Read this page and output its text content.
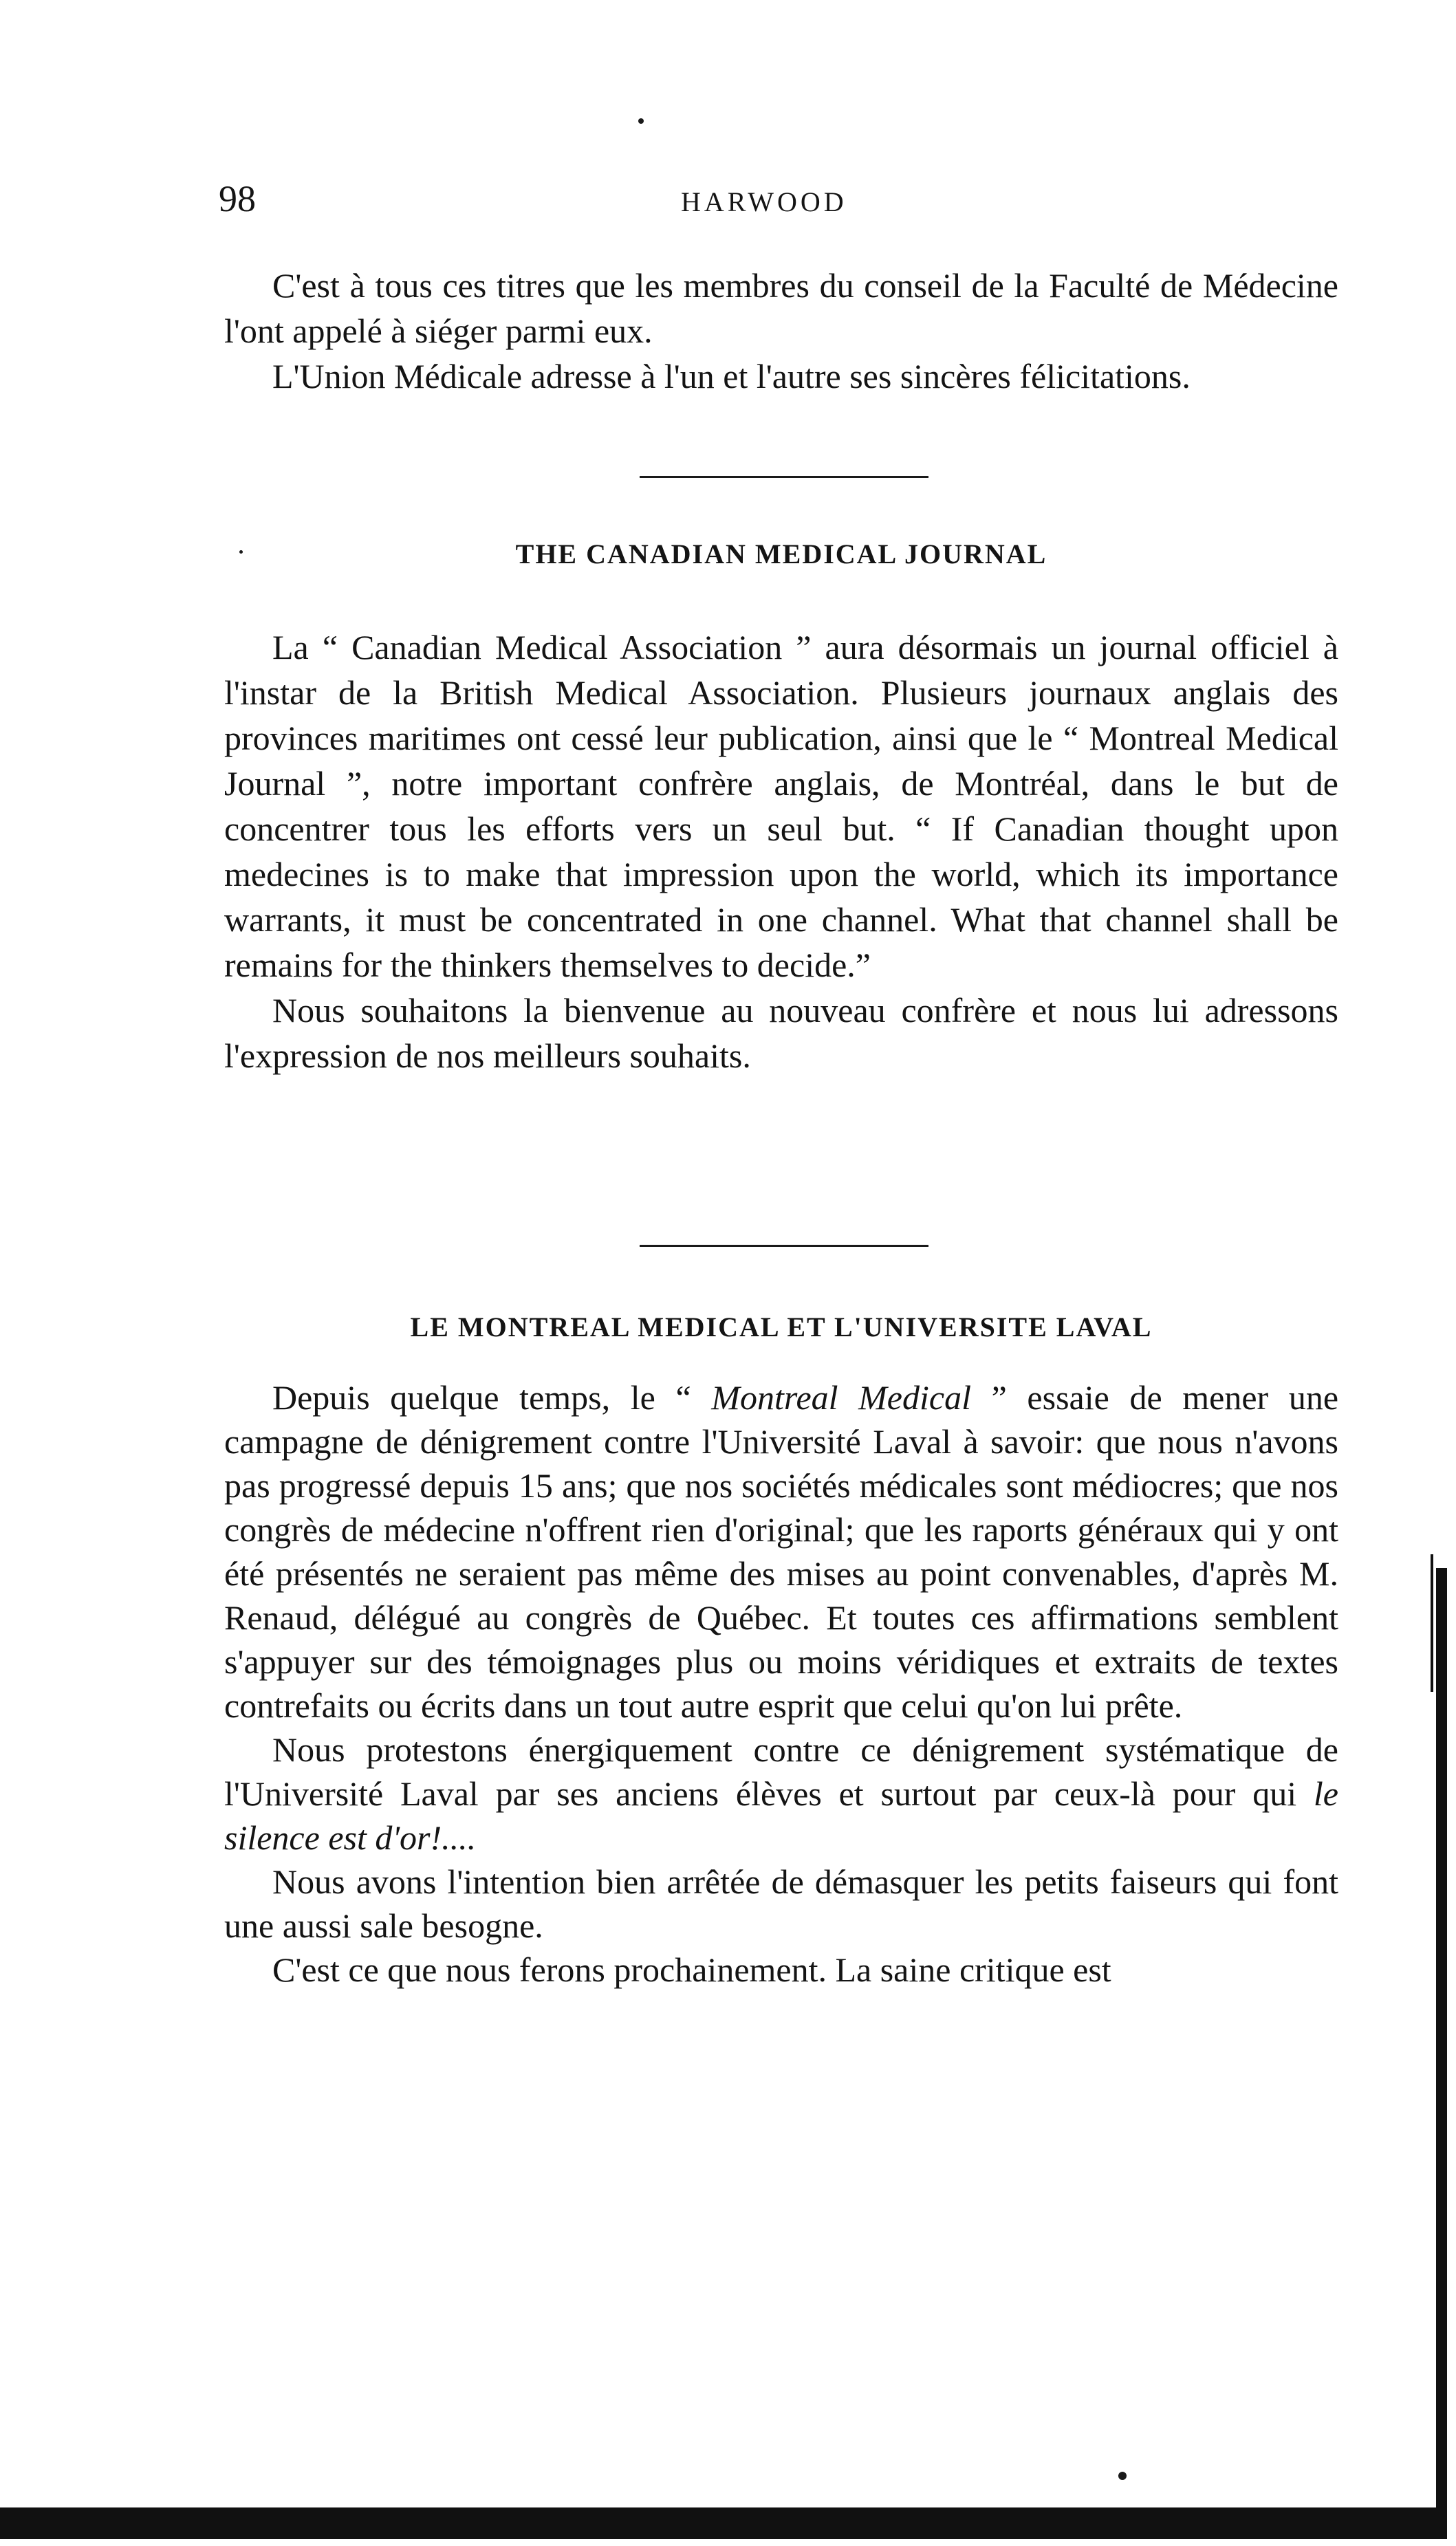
98	HARWOOD

C'est à tous ces titres que les membres du conseil de la Faculté de Médecine l'ont appelé à siéger parmi eux.

L'Union Médicale adresse à l'un et l'autre ses sincères félicitations.

THE CANADIAN MEDICAL JOURNAL

La “ Canadian Medical Association ” aura désormais un journal officiel à l'instar de la British Medical Association. Plusieurs journaux anglais des provinces maritimes ont cessé leur publication, ainsi que le “ Montreal Medical Journal ”, notre important confrère anglais, de Montréal, dans le but de concentrer tous les efforts vers un seul but. “ If Canadian thought upon medecines is to make that impression upon the world, which its importance warrants, it must be concentrated in one channel. What that channel shall be remains for the thinkers themselves to decide.”

Nous souhaitons la bienvenue au nouveau confrère et nous lui adressons l'expression de nos meilleurs souhaits.

LE MONTREAL MEDICAL ET L'UNIVERSITE LAVAL

Depuis quelque temps, le “ Montreal Medical ” essaie de mener une campagne de dénigrement contre l'Université Laval à savoir: que nous n'avons pas progressé depuis 15 ans; que nos sociétés médicales sont médiocres; que nos congrès de médecine n'offrent rien d'original; que les raports généraux qui y ont été présentés ne seraient pas même des mises au point convenables, d'après M. Renaud, délégué au congrès de Québec. Et toutes ces affirmations semblent s'appuyer sur des témoignages plus ou moins véridiques et extraits de textes contrefaits ou écrits dans un tout autre esprit que celui qu'on lui prête.

Nous protestons énergiquement contre ce dénigrement systématique de l'Université Laval par ses anciens élèves et surtout par ceux-là pour qui le silence est d'or!....

Nous avons l'intention bien arrêtée de démasquer les petits faiseurs qui font une aussi sale besogne.

C'est ce que nous ferons prochainement. La saine critique est
